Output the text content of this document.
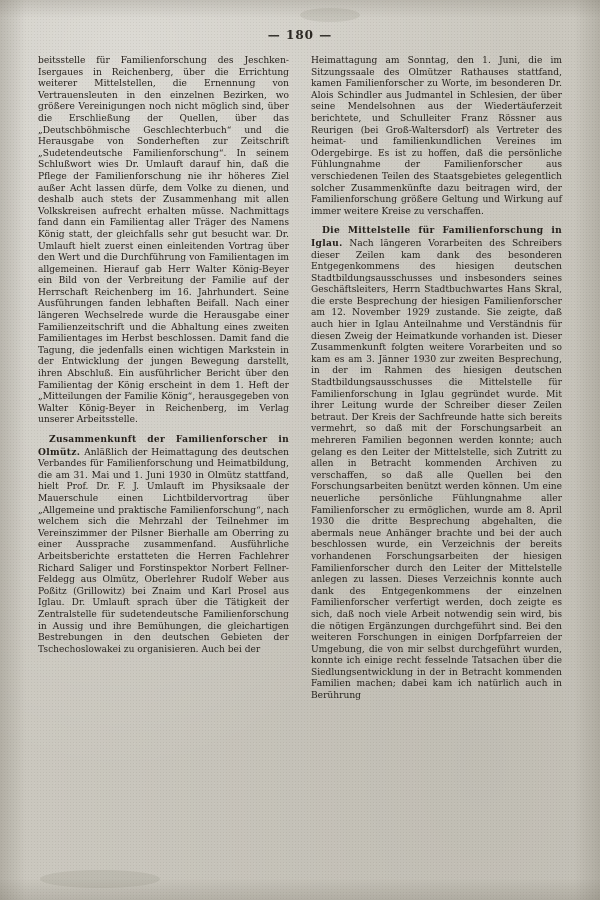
— 180 —

beitsstelle für Familienforschung des Jeschken-Isergaues in Reichenberg, über die Errichtung weiterer Mittelstellen, die Ernennung von Vertrauensleuten in den einzelnen Bezirken, wo größere Vereinigungen noch nicht möglich sind, über die Erschließung der Quellen, über das „Deutschböhmische Geschlechterbuch“ und die Herausgabe von Sonderheften zur Zeitschrift „Sudetendeutsche Familienforschung“. In seinem Schlußwort wies Dr. Umlauft darauf hin, daß die Pflege der Familienforschung nie ihr höheres Ziel außer Acht lassen dürfe, dem Volke zu dienen, und deshalb auch stets der Zusammenhang mit allen Volkskreisen aufrecht erhalten müsse. Nachmittags fand dann ein Familientag aller Träger des Namens König statt, der gleichfalls sehr gut besucht war. Dr. Umlauft hielt zuerst einen einleitenden Vortrag über den Wert und die Durchführung von Familientagen im allgemeinen. Hierauf gab Herr Walter König-Beyer ein Bild von der Verbreitung der Familie auf der Herrschaft Reichenberg im 16. Jahrhundert. Seine Ausführungen fanden lebhaften Beifall. Nach einer längeren Wechselrede wurde die Herausgabe einer Familienzeitschrift und die Abhaltung eines zweiten Familientages im Herbst beschlossen. Damit fand die Tagung, die jedenfalls einen wichtigen Markstein in der Entwicklung der jungen Bewegung darstellt, ihren Abschluß. Ein ausführlicher Bericht über den Familientag der König erscheint in dem 1. Heft der „Mitteilungen der Familie König“, herausgegeben von Walter König-Beyer in Reichenberg, im Verlag unserer Arbeitsstelle.

Zusammenkunft der Familienforscher in Olmütz. Anläßlich der Heimattagung des deutschen Verbandes für Familienforschung und Heimatbildung, die am 31. Mai und 1. Juni 1930 in Olmütz stattfand, hielt Prof. Dr. F. J. Umlauft im Physiksaale der Mauerschule einen Lichtbildervortrag über „Allgemeine und praktische Familienforschung“, nach welchem sich die Mehrzahl der Teilnehmer im Vereinszimmer der Pilsner Bierhalle am Oberring zu einer Aussprache zusammenfand. Ausführliche Arbeitsberichte erstatteten die Herren Fachlehrer Richard Saliger und Forstinspektor Norbert Fellner-Feldegg aus Olmütz, Oberlehrer Rudolf Weber aus Poßitz (Grillowitz) bei Znaim und Karl Prosel aus Iglau. Dr. Umlauft sprach über die Tätigkeit der Zentralstelle für sudetendeutsche Familienforschung in Aussig und ihre Bemühungen, die gleichartigen Bestrebungen in den deutschen Gebieten der Tschechoslowakei zu organisieren. Auch bei der

Heimattagung am Sonntag, den 1. Juni, die im Sitzungssaale des Olmützer Rathauses stattfand, kamen Familienforscher zu Worte, im besonderen Dr. Alois Schindler aus Judmantel in Schlesien, der über seine Mendelsohnen aus der Wiedertäuferzeit berichtete, und Schulleiter Franz Rössner aus Reurigen (bei Groß-Waltersdorf) als Vertreter des heimat- und familienkundlichen Vereines im Odergebirge. Es ist zu hoffen, daß die persönliche Fühlungnahme der Familienforscher aus verschiedenen Teilen des Staatsgebietes gelegentlich solcher Zusammenkünfte dazu beitragen wird, der Familienforschung größere Geltung und Wirkung auf immer weitere Kreise zu verschaffen.

Die Mittelstelle für Familienforschung in Iglau. Nach längeren Vorarbeiten des Schreibers dieser Zeilen kam dank des besonderen Entgegenkommens des hiesigen deutschen Stadtbildungsausschusses und insbesonders seines Geschäftsleiters, Herrn Stadtbuchwartes Hans Skral, die erste Besprechung der hiesigen Familienforscher am 12. November 1929 zustande. Sie zeigte, daß auch hier in Iglau Anteilnahme und Verständnis für diesen Zweig der Heimatkunde vorhanden ist. Dieser Zusammenkunft folgten weitere Vorarbeiten und so kam es am 3. Jänner 1930 zur zweiten Besprechung, in der im Rahmen des hiesigen deutschen Stadtbildungsausschusses die Mittelstelle für Familienforschung in Iglau gegründet wurde. Mit ihrer Leitung wurde der Schreiber dieser Zeilen betraut. Der Kreis der Sachfreunde hatte sich bereits vermehrt, so daß mit der Forschungsarbeit an mehreren Familien begonnen werden konnte; auch gelang es den Leiter der Mittelstelle, sich Zutritt zu allen in Betracht kommenden Archiven zu verschaffen, so daß alle Quellen bei den Forschungsarbeiten benützt werden können. Um eine neuerliche persönliche Fühlungnahme aller Familienforscher zu ermöglichen, wurde am 8. April 1930 die dritte Besprechung abgehalten, die abermals neue Anhänger brachte und bei der auch beschlossen wurde, ein Verzeichnis der bereits vorhandenen Forschungsarbeiten der hiesigen Familienforscher durch den Leiter der Mittelstelle anlegen zu lassen. Dieses Verzeichnis konnte auch dank des Entgegenkommens der einzelnen Familienforscher verfertigt werden, doch zeigte es sich, daß noch viele Arbeit notwendig sein wird, bis die nötigen Ergänzungen durchgeführt sind. Bei den weiteren Forschungen in einigen Dorfpfarreien der Umgebung, die von mir selbst durchgeführt wurden, konnte ich einige recht fesselnde Tatsachen über die Siedlungsentwicklung in der in Betracht kommenden Familien machen; dabei kam ich natürlich auch in Berührung
